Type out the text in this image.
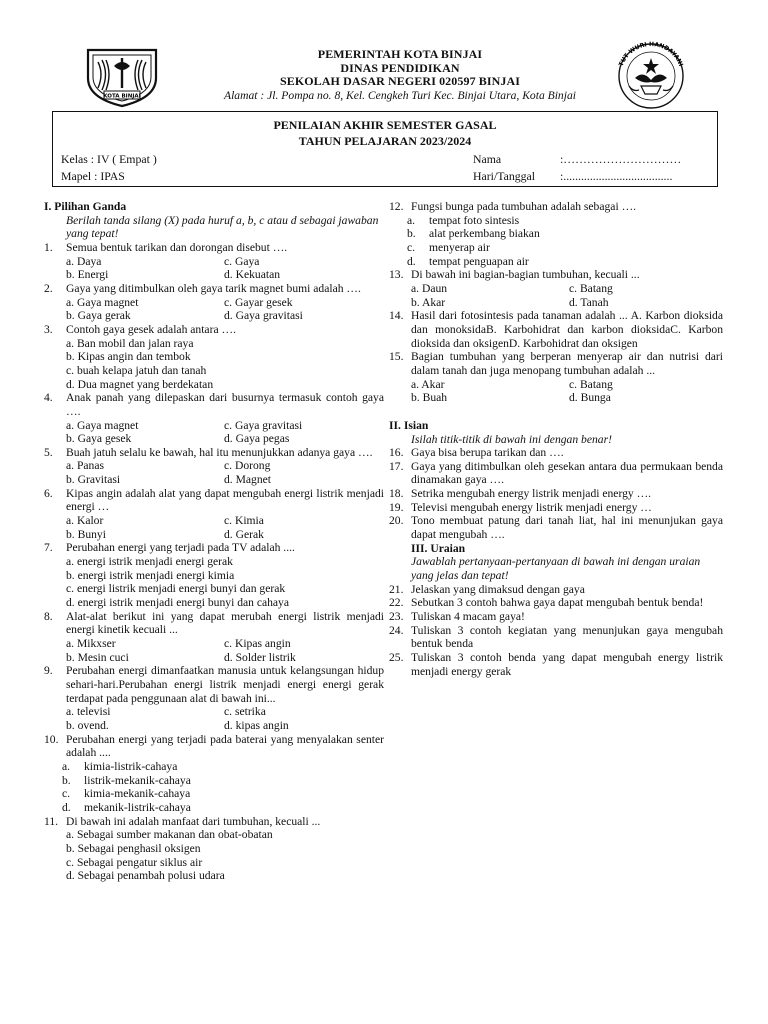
KOTA BINJAI
PEMERINTAH KOTA BINJAI
DINAS PENDIDIKAN
SEKOLAH DASAR NEGERI 020597 BINJAI
Alamat : Jl. Pompa no. 8, Kel. Cengkeh Turi Kec. Binjai Utara, Kota Binjai
TUT WURI HANDAYANI
PENILAIAN AKHIR SEMESTER GASAL
TAHUN PELAJARAN 2023/2024
Kelas : IV ( Empat )
Mapel : IPAS
Nama	:…………………………
Hari/Tanggal :.....................................
I. Pilihan Ganda
Berilah tanda silang (X) pada huruf a, b, c atau d sebagai jawaban yang tepat!
1. Semua bentuk tarikan dan dorongan disebut ….
a. Daya	c. Gaya
b. Energi	d. Kekuatan
2. Gaya yang ditimbulkan oleh gaya tarik magnet bumi adalah ….
a. Gaya magnet	c. Gayar gesek
b. Gaya gerak	d. Gaya gravitasi
3. Contoh gaya gesek adalah antara ….
a. Ban mobil dan jalan raya
b. Kipas angin dan tembok
c. buah kelapa jatuh dan tanah
d. Dua magnet yang berdekatan
4. Anak panah yang dilepaskan dari busurnya termasuk contoh gaya ….
a. Gaya magnet	c. Gaya gravitasi
b. Gaya gesek	d. Gaya pegas
5. Buah jatuh selalu ke bawah, hal itu menunjukkan adanya gaya ….
a. Panas	c. Dorong
b. Gravitasi	d. Magnet
6. Kipas angin adalah alat yang dapat mengubah energi listrik menjadi energi …
a. Kalor	c. Kimia
b. Bunyi	d. Gerak
7. Perubahan energi yang terjadi pada TV adalah ....
a. energi istrik menjadi energi gerak
b. energi istrik menjadi energi kimia
c. energi listrik menjadi energi bunyi dan gerak
d. energi istrik menjadi energi bunyi dan cahaya
8. Alat-alat berikut ini yang dapat merubah energi listrik menjadi energi kinetik kecuali ...
a. Mikxser	c. Kipas angin
b. Mesin cuci	d. Solder listrik
9. Perubahan energi dimanfaatkan manusia untuk kelangsungan hidup sehari-hari.Perubahan energi listrik menjadi energi energi gerak terdapat pada penggunaan alat di bawah ini...
a. televisi	c. setrika
b. ovend.	d. kipas angin
10. Perubahan energi yang terjadi pada baterai yang menyalakan senter adalah ....
a. kimia-listrik-cahaya
b. listrik-mekanik-cahaya
c. kimia-mekanik-cahaya
d. mekanik-listrik-cahaya
11. Di bawah ini adalah manfaat dari tumbuhan, kecuali ...
a. Sebagai sumber makanan dan obat-obatan
b. Sebagai penghasil oksigen
c. Sebagai pengatur siklus air
d. Sebagai penambah polusi udara
12. Fungsi bunga pada tumbuhan adalah sebagai ….
a. tempat foto sintesis
b. alat perkembang biakan
c. menyerap air
d. tempat penguapan air
13. Di bawah ini bagian-bagian tumbuhan, kecuali ...
a. Daun	c. Batang
b. Akar	d. Tanah
14. Hasil dari fotosintesis pada tanaman adalah ... A. Karbon dioksida dan monoksidaB. Karbohidrat dan karbon dioksidaC. Karbon dioksida dan oksigenD. Karbohidrat dan oksigen
15. Bagian tumbuhan yang berperan menyerap air dan nutrisi dari dalam tanah dan juga menopang tumbuhan adalah ...
a. Akar	c. Batang
b. Buah	d. Bunga
II. Isian
Isilah titik-titik di bawah ini dengan benar!
16. Gaya bisa berupa tarikan dan ….
17. Gaya yang ditimbulkan oleh gesekan antara dua permukaan benda dinamakan gaya ….
18. Setrika mengubah energy listrik menjadi energy ….
19. Televisi mengubah energy listrik menjadi energy …
20. Tono membuat patung dari tanah liat, hal ini menunjukan gaya dapat mengubah ….
III. Uraian
Jawablah pertanyaan-pertanyaan di bawah ini dengan uraian yang jelas dan tepat!
21. Jelaskan yang dimaksud dengan gaya
22. Sebutkan 3 contoh bahwa gaya dapat mengubah bentuk benda!
23. Tuliskan 4 macam gaya!
24. Tuliskan 3 contoh kegiatan yang menunjukan gaya mengubah bentuk benda
25. Tuliskan 3 contoh benda yang dapat mengubah energy listrik menjadi energy gerak
